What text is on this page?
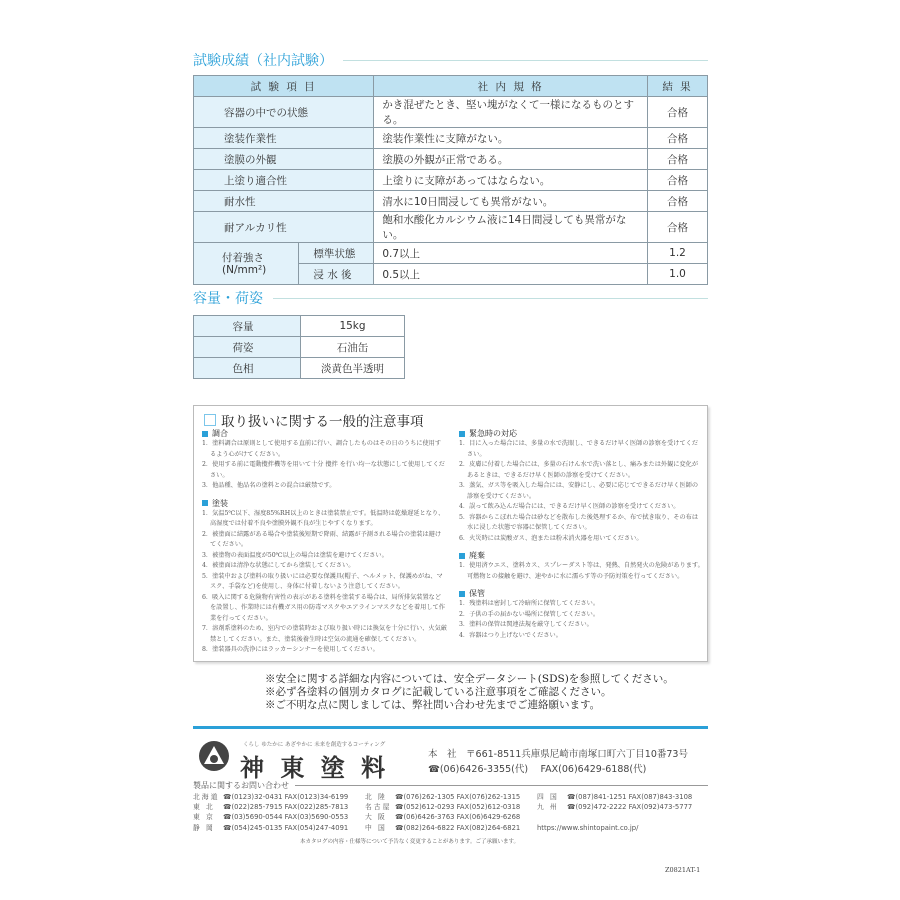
試験成績（社内試験）
試 験 項 目		社 内 規 格	結 果
容器の中での状態		かき混ぜたとき、堅い塊がなくて一様になるものとする。	合格
塗装作業性		塗装作業性に支障がない。	合格
塗膜の外観		塗膜の外観が正常である。	合格
上塗り適合性		上塗りに支障があってはならない。	合格
耐水性		清水に10日間浸しても異常がない。	合格
耐アルカリ性		飽和水酸化カルシウム液に14日間浸しても異常がない。	合格
付着強さ
(N/mm²)	標準状態	0.7以上	1.2
	浸 水 後	0.5以上	1.0
容量・荷姿
容量	15kg
荷姿	石油缶
色相	淡黄色半透明
取り扱いに関する一般的注意事項
調合
1．塗料調合は原則として使用する直前に行い、調合したものはその日のうちに使用するよう心がけてください。
2．使用する前に電動攪拌機等を用いて十分 攪拌 を行い均一な状態にして使用してください。
3．他品種、他品名の塗料との混合は厳禁です。
塗装
1．気温5℃以下、湿度85%RH以上のときは塗装禁止です。低温時は乾燥遅延となり、高湿度では付着不良や塗膜外観不良が生じやすくなります。
2．被塗面に結露がある場合や塗装後短期で降雨、結露が予測される場合の塗装は避けてください。
3．被塗物の表面温度が50℃以上の場合は塗装を避けてください。
4．被塗面は清浄な状態にしてから塗装してください。
5．塗装中および塗料の取り扱いには必要な保護具(帽子、ヘルメット、保護めがね、マスク、手袋など)を使用し、身体に付着しないよう注意してください。
6．吸入に関する危険物有害性の表示がある塗料を塗装する場合は、局所排気装置などを設置し、作業時には有機ガス用の防毒マスクやエアラインマスクなどを着用して作業を行ってください。
7．溶剤系塗料のため、室内での塗装時および取り扱い時には換気を十分に行い、火気厳禁としてください。また、塗装後養生時は空気の流通を確保してください。
8．塗装器具の洗浄にはラッカーシンナーを使用してください。
緊急時の対応
1．目に入った場合には、多量の水で洗眼し、できるだけ早く医師の診察を受けてください。
2．皮膚に付着した場合には、多量の石けん水で洗い落とし、痛みまたは外観に変化があるときは、できるだけ早く医師の診察を受けてください。
3．蒸気、ガス等を吸入した場合には、安静にし、必要に応じてできるだけ早く医師の診察を受けてください。
4．誤って飲み込んだ場合には、できるだけ早く医師の診察を受けてください。
5．容器からこぼれた場合は砂などを散布した後処理するか、布で拭き取り、その布は水に浸した状態で容器に保管してください。
6．火災時には炭酸ガス、泡または粉末消火器を用いてください。
廃棄
1．使用済ウエス、塗料カス、スプレーダスト等は、発熱、自然発火の危険があります。可燃物との接触を避け、速やかに水に濡らす等の予防対策を行ってください。
保管
1．残塗料は密封して冷暗所に保管してください。
2．子供の手の届かない場所に保管してください。
3．塗料の保管は関連法規を厳守してください。
4．容器はつり上げないでください。
※安全に関する詳細な内容については、安全データシート(SDS)を参照してください。
※必ず各塗料の個別カタログに記載している注意事項をご確認ください。
※ご不明な点に関しましては、弊社問い合わせ先までご連絡願います。
くらし ゆたかに あざやかに 未来を創造するコーティング
神 東 塗 料	本　社　 〒661-8511兵庫県尼崎市南塚口町六丁目10番73号
☎(06)6426-3355(代)　 FAX(06)6429-6188(代)
製品に関するお問い合わせ
北海道 ☎(0123)32-0431 FAX(0123)34-6199 北 陸	☎(076)262-1305 FAX(076)262-1315 四 国	☎(087)841-1251 FAX(087)843-3108
東 北	☎(022)285-7915 FAX(022)285-7813 名古屋 ☎(052)612-0293 FAX(052)612-0318 九 州	☎(092)472-2222 FAX(092)473-5777
東 京	☎(03)5690-0544 FAX(03)5690-0553 大 阪	☎(06)6426-3763 FAX(06)6429-6268
静 岡	☎(054)245-0135 FAX(054)247-4091 中 国	☎(082)264-6822 FAX(082)264-6821 https://www.shintopaint.co.jp/
本カタログの内容・仕様等について予告なく変更することがあります。ご了承願います。
Z0821AT-1
